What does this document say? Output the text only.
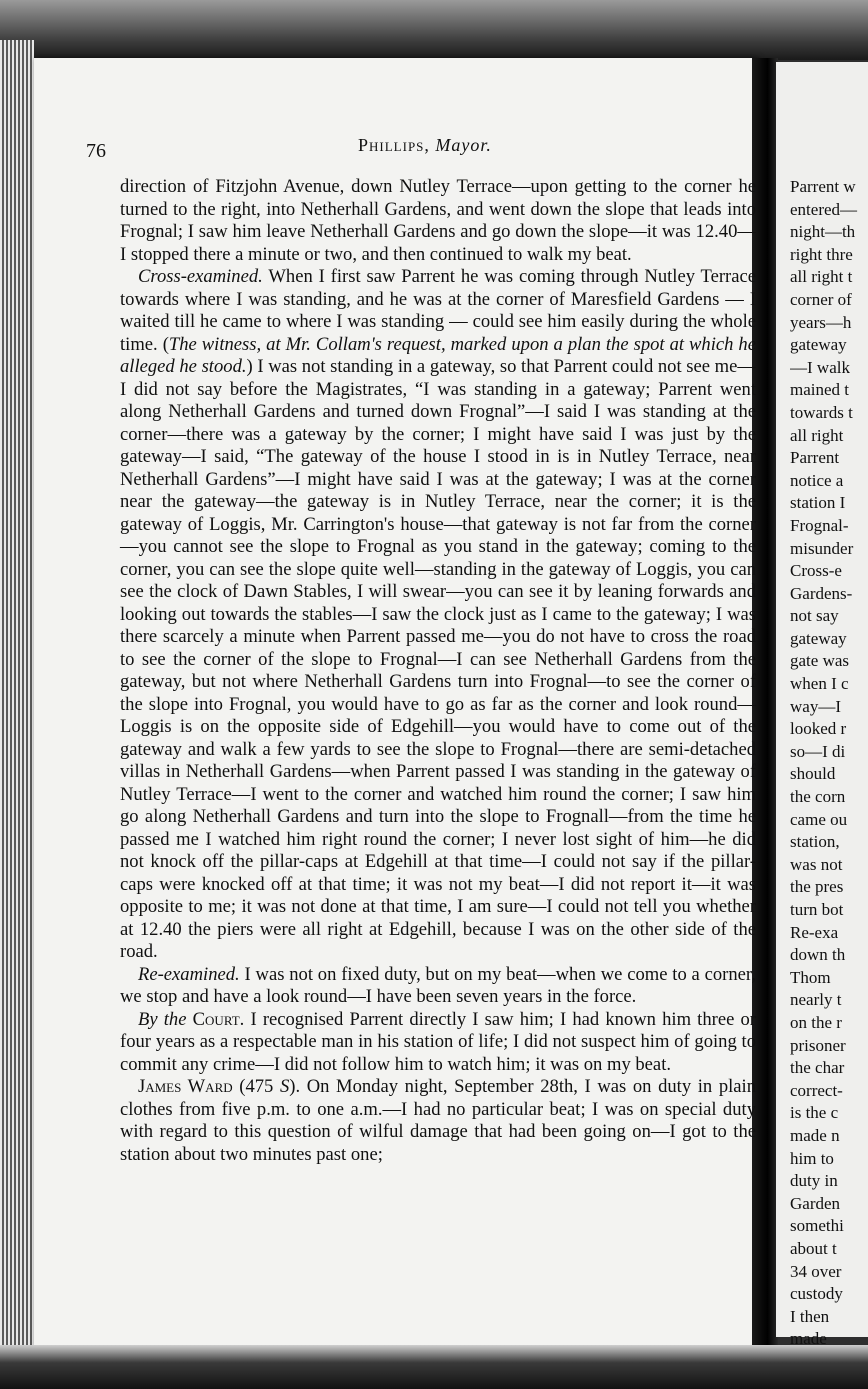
76	Phillips, Mayor.

direction of Fitzjohn Avenue, down Nutley Terrace—upon getting to the corner he turned to the right, into Netherhall Gardens, and went down the slope that leads into Frognal; I saw him leave Netherhall Gardens and go down the slope—it was 12.40—I stopped there a minute or two, and then continued to walk my beat.

Cross-examined. When I first saw Parrent he was coming through Nutley Terrace towards where I was standing, and he was at the corner of Maresfield Gardens — I waited till he came to where I was standing — could see him easily during the whole time. (The witness, at Mr. Collam's request, marked upon a plan the spot at which he alleged he stood.) I was not standing in a gateway, so that Parrent could not see me—I did not say before the Magistrates, “I was standing in a gateway; Parrent went along Netherhall Gardens and turned down Frognal”—I said I was standing at the corner—there was a gateway by the corner; I might have said I was just by the gateway—I said, “The gateway of the house I stood in is in Nutley Terrace, near Netherhall Gardens”—I might have said I was at the gateway; I was at the corner near the gateway—the gateway is in Nutley Terrace, near the corner; it is the gateway of Loggis, Mr. Carrington's house—that gateway is not far from the corner—you cannot see the slope to Frognal as you stand in the gateway; coming to the corner, you can see the slope quite well—standing in the gateway of Loggis, you can see the clock of Dawn Stables, I will swear—you can see it by leaning forwards and looking out towards the stables—I saw the clock just as I came to the gateway; I was there scarcely a minute when Parrent passed me—you do not have to cross the road to see the corner of the slope to Frognal—I can see Netherhall Gardens from the gateway, but not where Netherhall Gardens turn into Frognal—to see the corner of the slope into Frognal, you would have to go as far as the corner and look round—Loggis is on the opposite side of Edgehill—you would have to come out of the gateway and walk a few yards to see the slope to Frognal—there are semi-detached villas in Netherhall Gardens—when Parrent passed I was standing in the gateway of Nutley Terrace—I went to the corner and watched him round the corner; I saw him go along Netherhall Gardens and turn into the slope to Frognall—from the time he passed me I watched him right round the corner; I never lost sight of him—he did not knock off the pillar-caps at Edgehill at that time—I could not say if the pillar-caps were knocked off at that time; it was not my beat—I did not report it—it was opposite to me; it was not done at that time, I am sure—I could not tell you whether at 12.40 the piers were all right at Edgehill, because I was on the other side of the road.

Re-examined. I was not on fixed duty, but on my beat—when we come to a corner, we stop and have a look round—I have been seven years in the force.

By the Court. I recognised Parrent directly I saw him; I had known him three or four years as a respectable man in his station of life; I did not suspect him of going to commit any crime—I did not follow him to watch him; it was on my beat.

James Ward (475 S). On Monday night, September 28th, I was on duty in plain clothes from five p.m. to one a.m.—I had no particular beat; I was on special duty with regard to this question of wilful damage that had been going on—I got to the station about two minutes past one;

Parrent w
entered—
night—th
right thre
all right t
corner of
years—h
gateway
—I walk
mained t
towards t
all right
Parrent
notice a
station I
Frognal-
misunder
Cross-e
Gardens-
not say
gateway
gate was
when I c
way—I
looked r
so—I di
should
the corn
came ou
station,
was not
the pres
turn bot
Re-exa
down th
Thom
nearly t
on the r
prisoner
the char
correct-
is the c
made n
him to
duty in
Garden
somethi
about t
34 over
custody
I then
made
